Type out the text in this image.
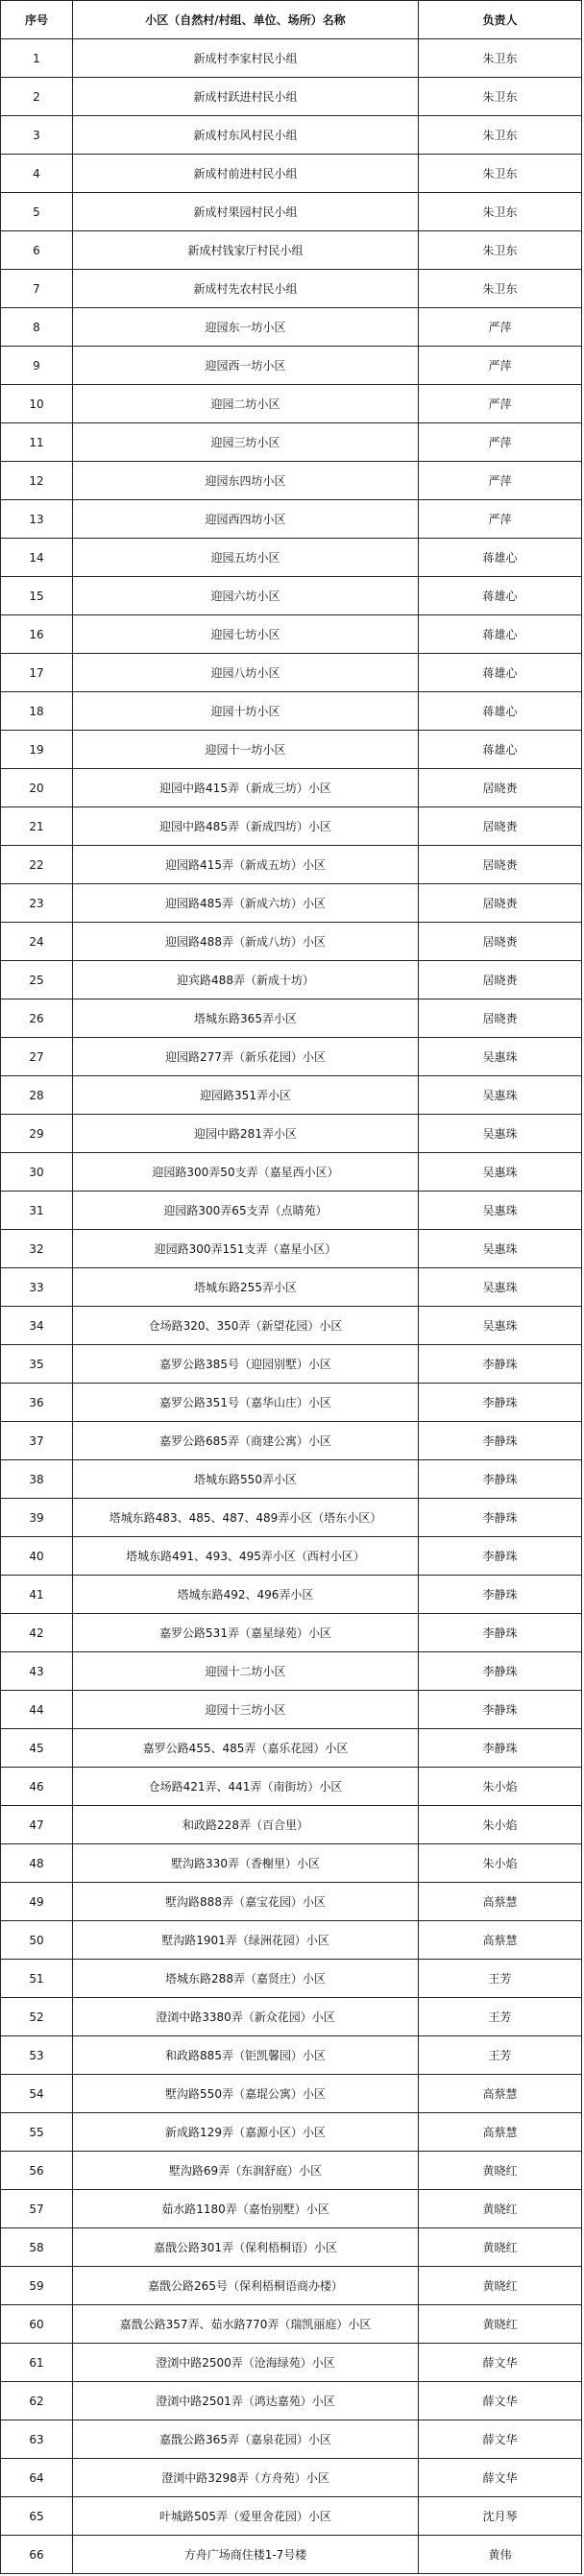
序号	小区（自然村/村组、单位、场所）名称	负责人
1	新成村李家村民小组	朱卫东
2	新成村跃进村民小组	朱卫东
3	新成村东风村民小组	朱卫东
4	新成村前进村民小组	朱卫东
5	新成村果园村民小组	朱卫东
6	新成村钱家厅村民小组	朱卫东
7	新成村先农村民小组	朱卫东
8	迎园东一坊小区	严萍
9	迎园西一坊小区	严萍
10	迎园二坊小区	严萍
11	迎园三坊小区	严萍
12	迎园东四坊小区	严萍
13	迎园西四坊小区	严萍
14	迎园五坊小区	蒋雄心
15	迎园六坊小区	蒋雄心
16	迎园七坊小区	蒋雄心
17	迎园八坊小区	蒋雄心
18	迎园十坊小区	蒋雄心
19	迎园十一坊小区	蒋雄心
20	迎园中路415弄（新成三坊）小区	居晓赉
21	迎园中路485弄（新成四坊）小区	居晓赉
22	迎园路415弄（新成五坊）小区	居晓赉
23	迎园路485弄（新成六坊）小区	居晓赉
24	迎园路488弄（新成八坊）小区	居晓赉
25	迎宾路488弄（新成十坊）	居晓赉
26	塔城东路365弄小区	居晓赉
27	迎园路277弄（新乐花园）小区	吴惠珠
28	迎园路351弄小区	吴惠珠
29	迎园中路281弄小区	吴惠珠
30	迎园路300弄50支弄（嘉星西小区）	吴惠珠
31	迎园路300弄65支弄（点睛苑）	吴惠珠
32	迎园路300弄151支弄（嘉星小区）	吴惠珠
33	塔城东路255弄小区	吴惠珠
34	仓场路320、350弄（新望花园）小区	吴惠珠
35	嘉罗公路385号（迎园别墅）小区	李静珠
36	嘉罗公路351号（嘉华山庄）小区	李静珠
37	嘉罗公路685弄（商建公寓）小区	李静珠
38	塔城东路550弄小区	李静珠
39	塔城东路483、485、487、489弄小区（塔东小区）	李静珠
40	塔城东路491、493、495弄小区（西村小区）	李静珠
41	塔城东路492、496弄小区	李静珠
42	嘉罗公路531弄（嘉星绿苑）小区	李静珠
43	迎园十二坊小区	李静珠
44	迎园十三坊小区	李静珠
45	嘉罗公路455、485弄（嘉乐花园）小区	李静珠
46	仓场路421弄、441弄（南街坊）小区	朱小焰
47	和政路228弄（百合里）	朱小焰
48	墅沟路330弄（香榭里）小区	朱小焰
49	墅沟路888弄（嘉宝花园）小区	高蔡慧
50	墅沟路1901弄（绿洲花园）小区	高蔡慧
51	塔城东路288弄（嘉贤庄）小区	王芳
52	澄浏中路3380弄（新众花园）小区	王芳
53	和政路885弄（钜凯馨园）小区	王芳
54	墅沟路550弄（嘉琨公寓）小区	高蔡慧
55	新成路129弄（嘉源小区）小区	高蔡慧
56	墅沟路69弄（东润舒庭）小区	黄晓红
57	茹水路1180弄（嘉怡别墅）小区	黄晓红
58	嘉戬公路301弄（保利梧桐语）小区	黄晓红
59	嘉戬公路265号（保利梧桐语商办楼）	黄晓红
60	嘉戬公路357弄、茹水路770弄（瑞凯丽庭）小区	黄晓红
61	澄浏中路2500弄（沧海绿苑）小区	薛文华
62	澄浏中路2501弄（鸿达嘉苑）小区	薛文华
63	嘉戬公路365弄（嘉泉花园）小区	薛文华
64	澄浏中路3298弄（方舟苑）小区	薛文华
65	叶城路505弄（爱里舍花园）小区	沈月琴
66	方舟广场商住楼1-7号楼	黄伟
